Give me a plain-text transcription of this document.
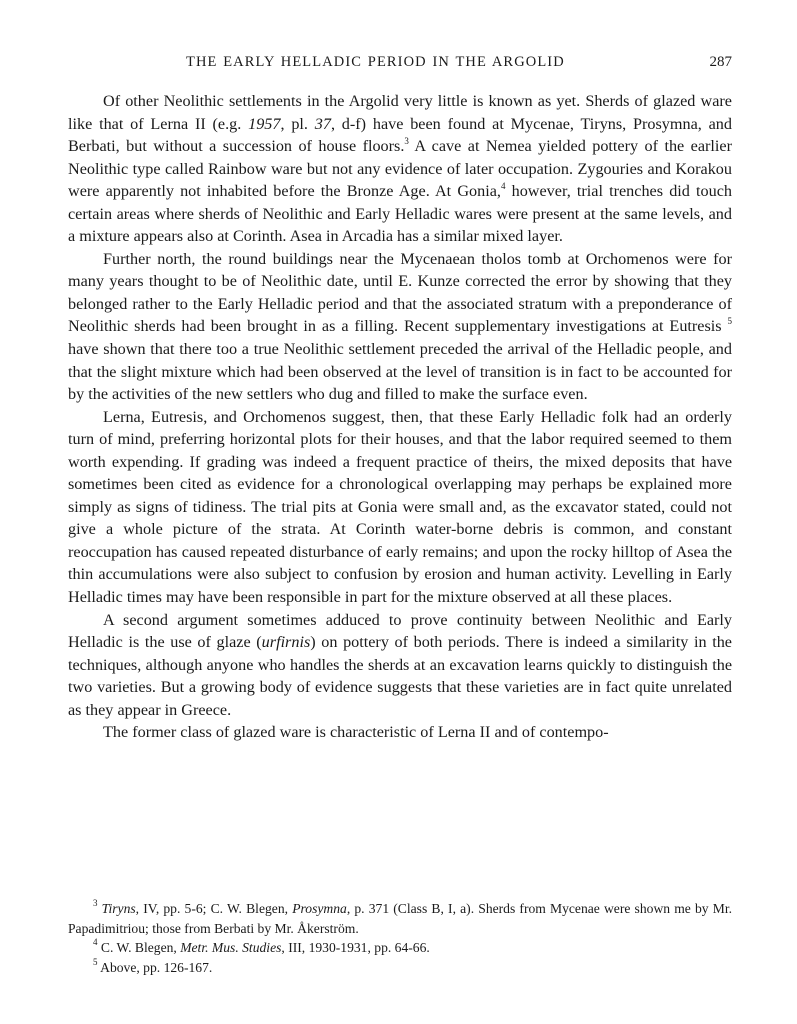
THE EARLY HELLADIC PERIOD IN THE ARGOLID	287

Of other Neolithic settlements in the Argolid very little is known as yet. Sherds of glazed ware like that of Lerna II (e.g. 1957, pl. 37, d-f) have been found at Mycenae, Tiryns, Prosymna, and Berbati, but without a succession of house floors.$^3$ A cave at Nemea yielded pottery of the earlier Neolithic type called Rainbow ware but not any evidence of later occupation. Zygouries and Korakou were apparently not inhabited before the Bronze Age. At Gonia,$^4$ however, trial trenches did touch certain areas where sherds of Neolithic and Early Helladic wares were present at the same levels, and a mixture appears also at Corinth. Asea in Arcadia has a similar mixed layer.

Further north, the round buildings near the Mycenaean tholos tomb at Orchomenos were for many years thought to be of Neolithic date, until E. Kunze corrected the error by showing that they belonged rather to the Early Helladic period and that the associated stratum with a preponderance of Neolithic sherds had been brought in as a filling. Recent supplementary investigations at Eutresis $^5$ have shown that there too a true Neolithic settlement preceded the arrival of the Helladic people, and that the slight mixture which had been observed at the level of transition is in fact to be accounted for by the activities of the new settlers who dug and filled to make the surface even.

Lerna, Eutresis, and Orchomenos suggest, then, that these Early Helladic folk had an orderly turn of mind, preferring horizontal plots for their houses, and that the labor required seemed to them worth expending. If grading was indeed a frequent practice of theirs, the mixed deposits that have sometimes been cited as evidence for a chronological overlapping may perhaps be explained more simply as signs of tidiness. The trial pits at Gonia were small and, as the excavator stated, could not give a whole picture of the strata. At Corinth water-borne debris is common, and constant reoccupation has caused repeated disturbance of early remains; and upon the rocky hilltop of Asea the thin accumulations were also subject to confusion by erosion and human activity. Levelling in Early Helladic times may have been responsible in part for the mixture observed at all these places.

A second argument sometimes adduced to prove continuity between Neolithic and Early Helladic is the use of glaze (urfirnis) on pottery of both periods. There is indeed a similarity in the techniques, although anyone who handles the sherds at an excavation learns quickly to distinguish the two varieties. But a growing body of evidence suggests that these varieties are in fact quite unrelated as they appear in Greece.

The former class of glazed ware is characteristic of Lerna II and of contempo-

$^3$ Tiryns, IV, pp. 5-6; C. W. Blegen, Prosymna, p. 371 (Class B, I, a). Sherds from Mycenae were shown me by Mr. Papadimitriou; those from Berbati by Mr. Åkerström.

$^4$ C. W. Blegen, Metr. Mus. Studies, III, 1930-1931, pp. 64-66.

$^5$ Above, pp. 126-167.
